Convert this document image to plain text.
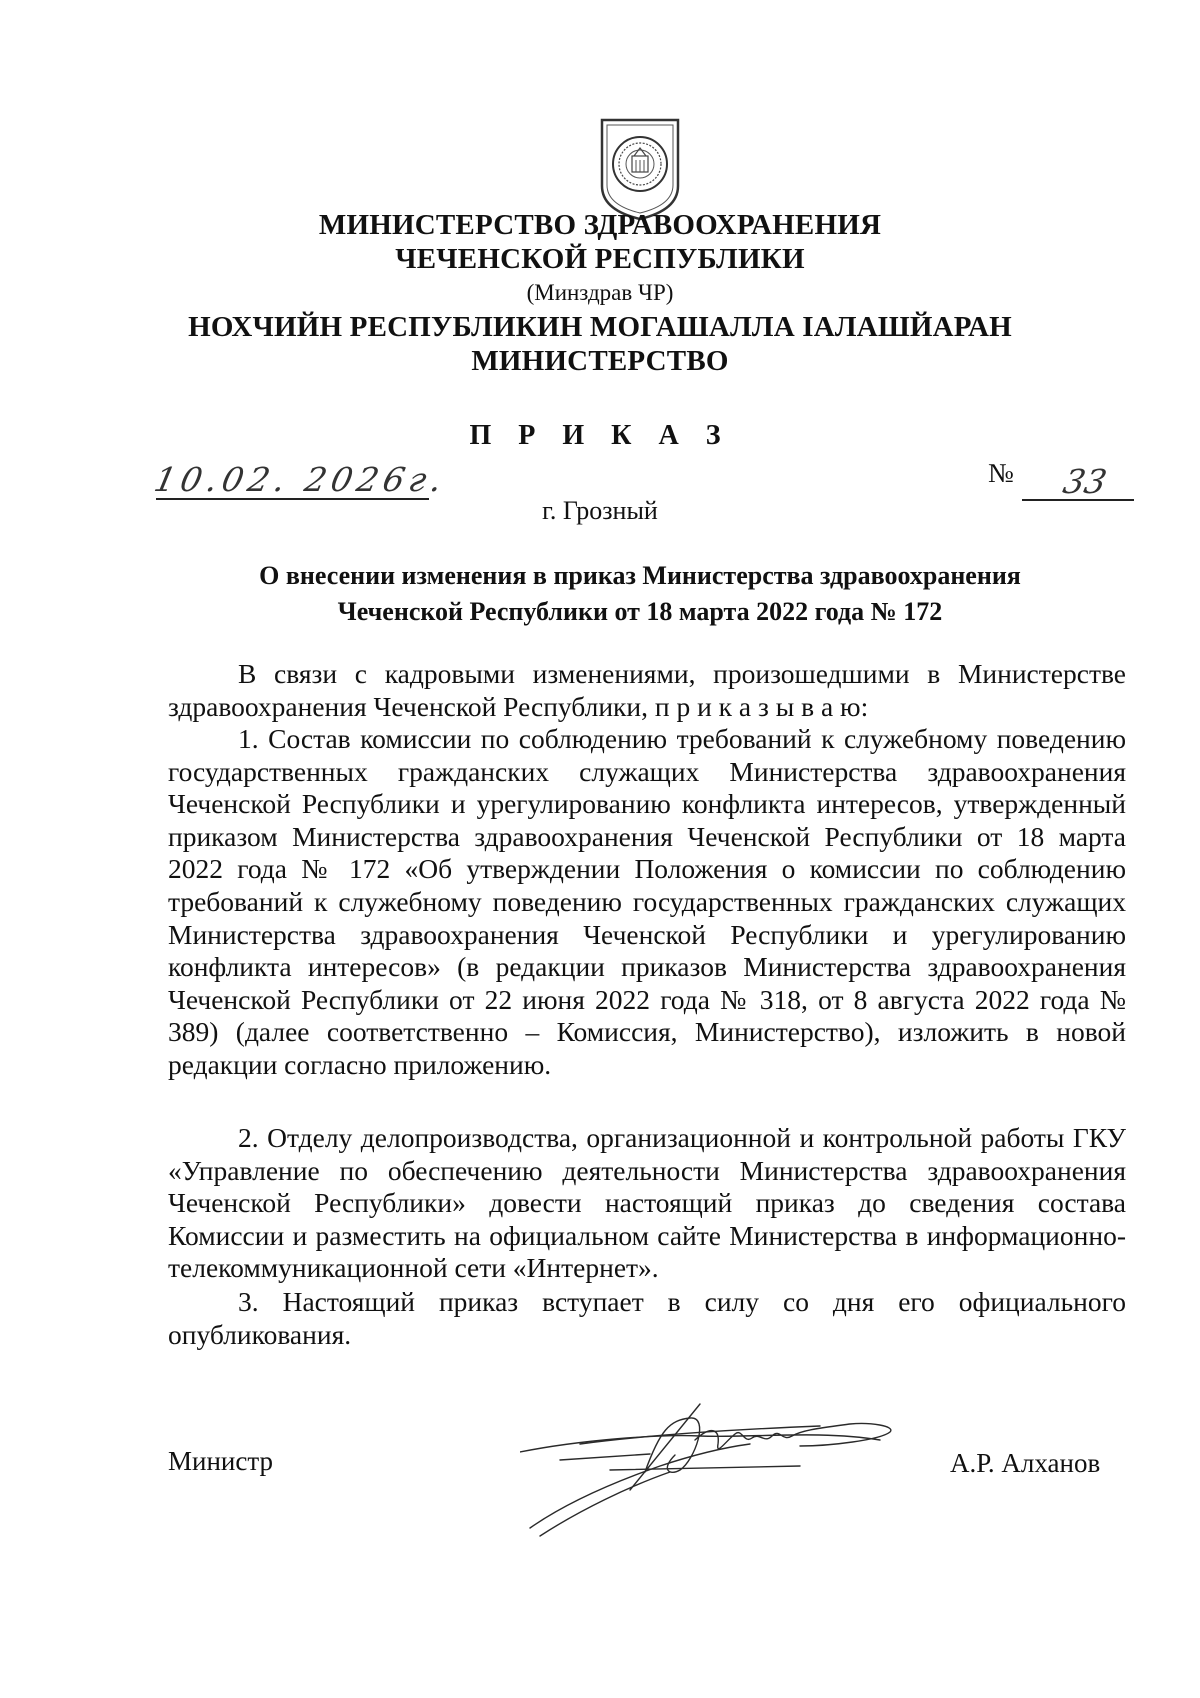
МИНИСТЕРСТВО ЗДРАВООХРАНЕНИЯ
ЧЕЧЕНСКОЙ РЕСПУБЛИКИ
(Минздрав ЧР)
НОХЧИЙН РЕСПУБЛИКИН МОГАШАЛЛА ІАЛАШЙАРАН
МИНИСТЕРСТВО
П Р И К А З
10.02. 2026г.	№	33
г. Грозный
О внесении изменения в приказ Министерства здравоохранения
Чеченской Республики от 18 марта 2022 года № 172
В связи с кадровыми изменениями, произошедшими в Министерстве здравоохранения Чеченской Республики, п р и к а з ы в а ю:
1. Состав комиссии по соблюдению требований к служебному поведению государственных гражданских служащих Министерства здравоохранения Чеченской Республики и урегулированию конфликта интересов, утвержденный приказом Министерства здравоохранения Чеченской Республики от 18 марта 2022 года № 172 «Об утверждении Положения о комиссии по соблюдению требований к служебному поведению государственных гражданских служащих Министерства здравоохранения Чеченской Республики и урегулированию конфликта интересов» (в редакции приказов Министерства здравоохранения Чеченской Республики от 22 июня 2022 года № 318, от 8 августа 2022 года № 389) (далее соответственно – Комиссия, Министерство), изложить в новой редакции согласно приложению.
2. Отделу делопроизводства, организационной и контрольной работы ГКУ «Управление по обеспечению деятельности Министерства здравоохранения Чеченской Республики» довести настоящий приказ до сведения состава Комиссии и разместить на официальном сайте Министерства в информационно-телекоммуникационной сети «Интернет».
3. Настоящий приказ вступает в силу со дня его официального опубликования.
Министр	А.Р. Алханов
